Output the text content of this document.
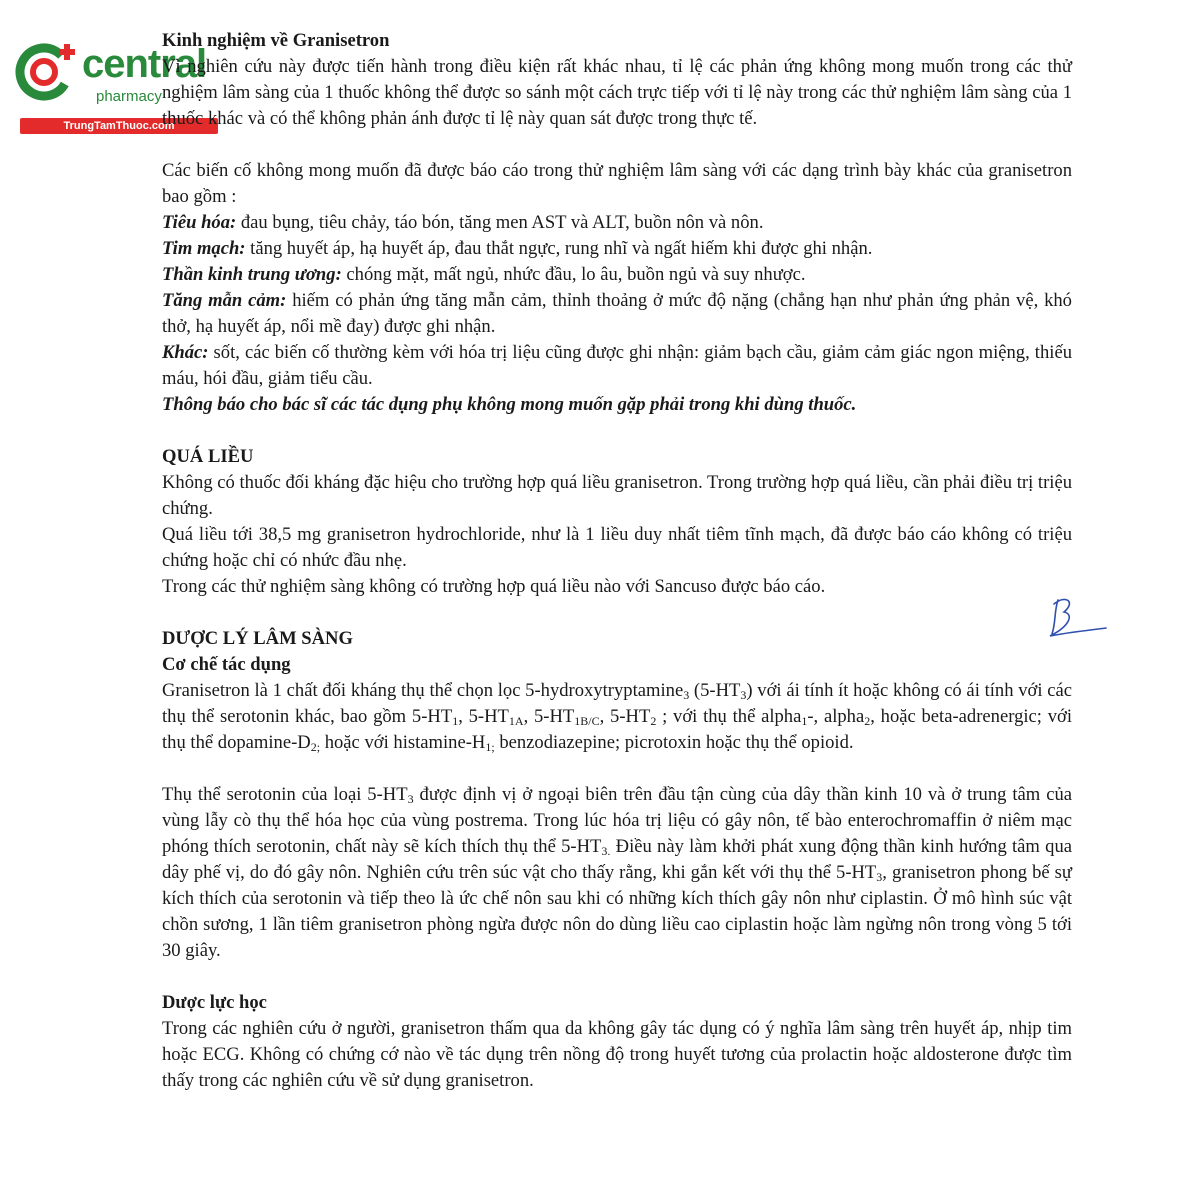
central
pharmacy
TrungTamThuoc.com

Kinh nghiệm về Granisetron

Vì nghiên cứu này được tiến hành trong điều kiện rất khác nhau, tỉ lệ các phản ứng không mong muốn trong các thử nghiệm lâm sàng của 1 thuốc không thể được so sánh một cách trực tiếp với tỉ lệ này trong các thử nghiệm lâm sàng của 1 thuốc khác và có thể không phản ánh được tỉ lệ này quan sát được trong thực tế.

Các biến cố không mong muốn đã được báo cáo trong thử nghiệm lâm sàng với các dạng trình bày khác của granisetron bao gồm :

Tiêu hóa: đau bụng, tiêu chảy, táo bón, tăng men AST và ALT, buồn nôn và nôn.

Tim mạch: tăng huyết áp, hạ huyết áp, đau thắt ngực, rung nhĩ và ngất hiếm khi được ghi nhận.

Thần kinh trung ương: chóng mặt, mất ngủ, nhức đầu, lo âu, buồn ngủ và suy nhược.

Tăng mẫn cảm: hiếm có phản ứng tăng mẫn cảm, thỉnh thoảng ở mức độ nặng (chẳng hạn như phản ứng phản vệ, khó thở, hạ huyết áp, nổi mề đay) được ghi nhận.

Khác: sốt, các biến cố thường kèm với hóa trị liệu cũng được ghi nhận: giảm bạch cầu, giảm cảm giác ngon miệng, thiếu máu, hói đầu, giảm tiểu cầu.

Thông báo cho bác sĩ các tác dụng phụ không mong muốn gặp phải trong khi dùng thuốc.

QUÁ LIỀU

Không có thuốc đối kháng đặc hiệu cho trường hợp quá liều granisetron. Trong trường hợp quá liều, cần phải điều trị triệu chứng.

Quá liều tới 38,5 mg granisetron hydrochloride, như là 1 liều duy nhất tiêm tĩnh mạch, đã được báo cáo không có triệu chứng hoặc chỉ có nhức đầu nhẹ.

Trong các thử nghiệm sàng không có trường hợp quá liều nào với Sancuso được báo cáo.

DƯỢC LÝ LÂM SÀNG

Cơ chế tác dụng

Granisetron là 1 chất đối kháng thụ thể chọn lọc 5-hydroxytryptamine$_3$ $(5-HT_3)$ với ái tính ít hoặc không có ái tính với các thụ thể serotonin khác, bao gồm $5-HT_1$, $5-HT_{1A}$, $5-HT_{1B/C}$, $5-HT_2$ ; với thụ thể alpha$_1$-, alpha$_2$, hoặc beta-adrenergic; với thụ thể dopamine-$D_{2;}$ hoặc với histamine-$H_{1;}$ benzodiazepine; picrotoxin hoặc thụ thể opioid.

Thụ thể serotonin của loại $5-HT_3$ được định vị ở ngoại biên trên đầu tận cùng của dây thần kinh 10 và ở trung tâm của vùng lẫy cò thụ thể hóa học của vùng postrema. Trong lúc hóa trị liệu có gây nôn, tế bào enterochromaffin ở niêm mạc phóng thích serotonin, chất này sẽ kích thích thụ thể $5-HT_{3.}$ Điều này làm khởi phát xung động thần kinh hướng tâm qua dây phế vị, do đó gây nôn. Nghiên cứu trên súc vật cho thấy rằng, khi gắn kết với thụ thể $5-HT_3$, granisetron phong bế sự kích thích của serotonin và tiếp theo là ức chế nôn sau khi có những kích thích gây nôn như ciplastin. Ở mô hình súc vật chồn sương, 1 lần tiêm granisetron phòng ngừa được nôn do dùng liều cao ciplastin hoặc làm ngừng nôn trong vòng 5 tới 30 giây.

Dược lực học

Trong các nghiên cứu ở người, granisetron thấm qua da không gây tác dụng có ý nghĩa lâm sàng trên huyết áp, nhịp tim hoặc ECG. Không có chứng cớ nào về tác dụng trên nồng độ trong huyết tương của prolactin hoặc aldosterone được tìm thấy trong các nghiên cứu về sử dụng granisetron.
